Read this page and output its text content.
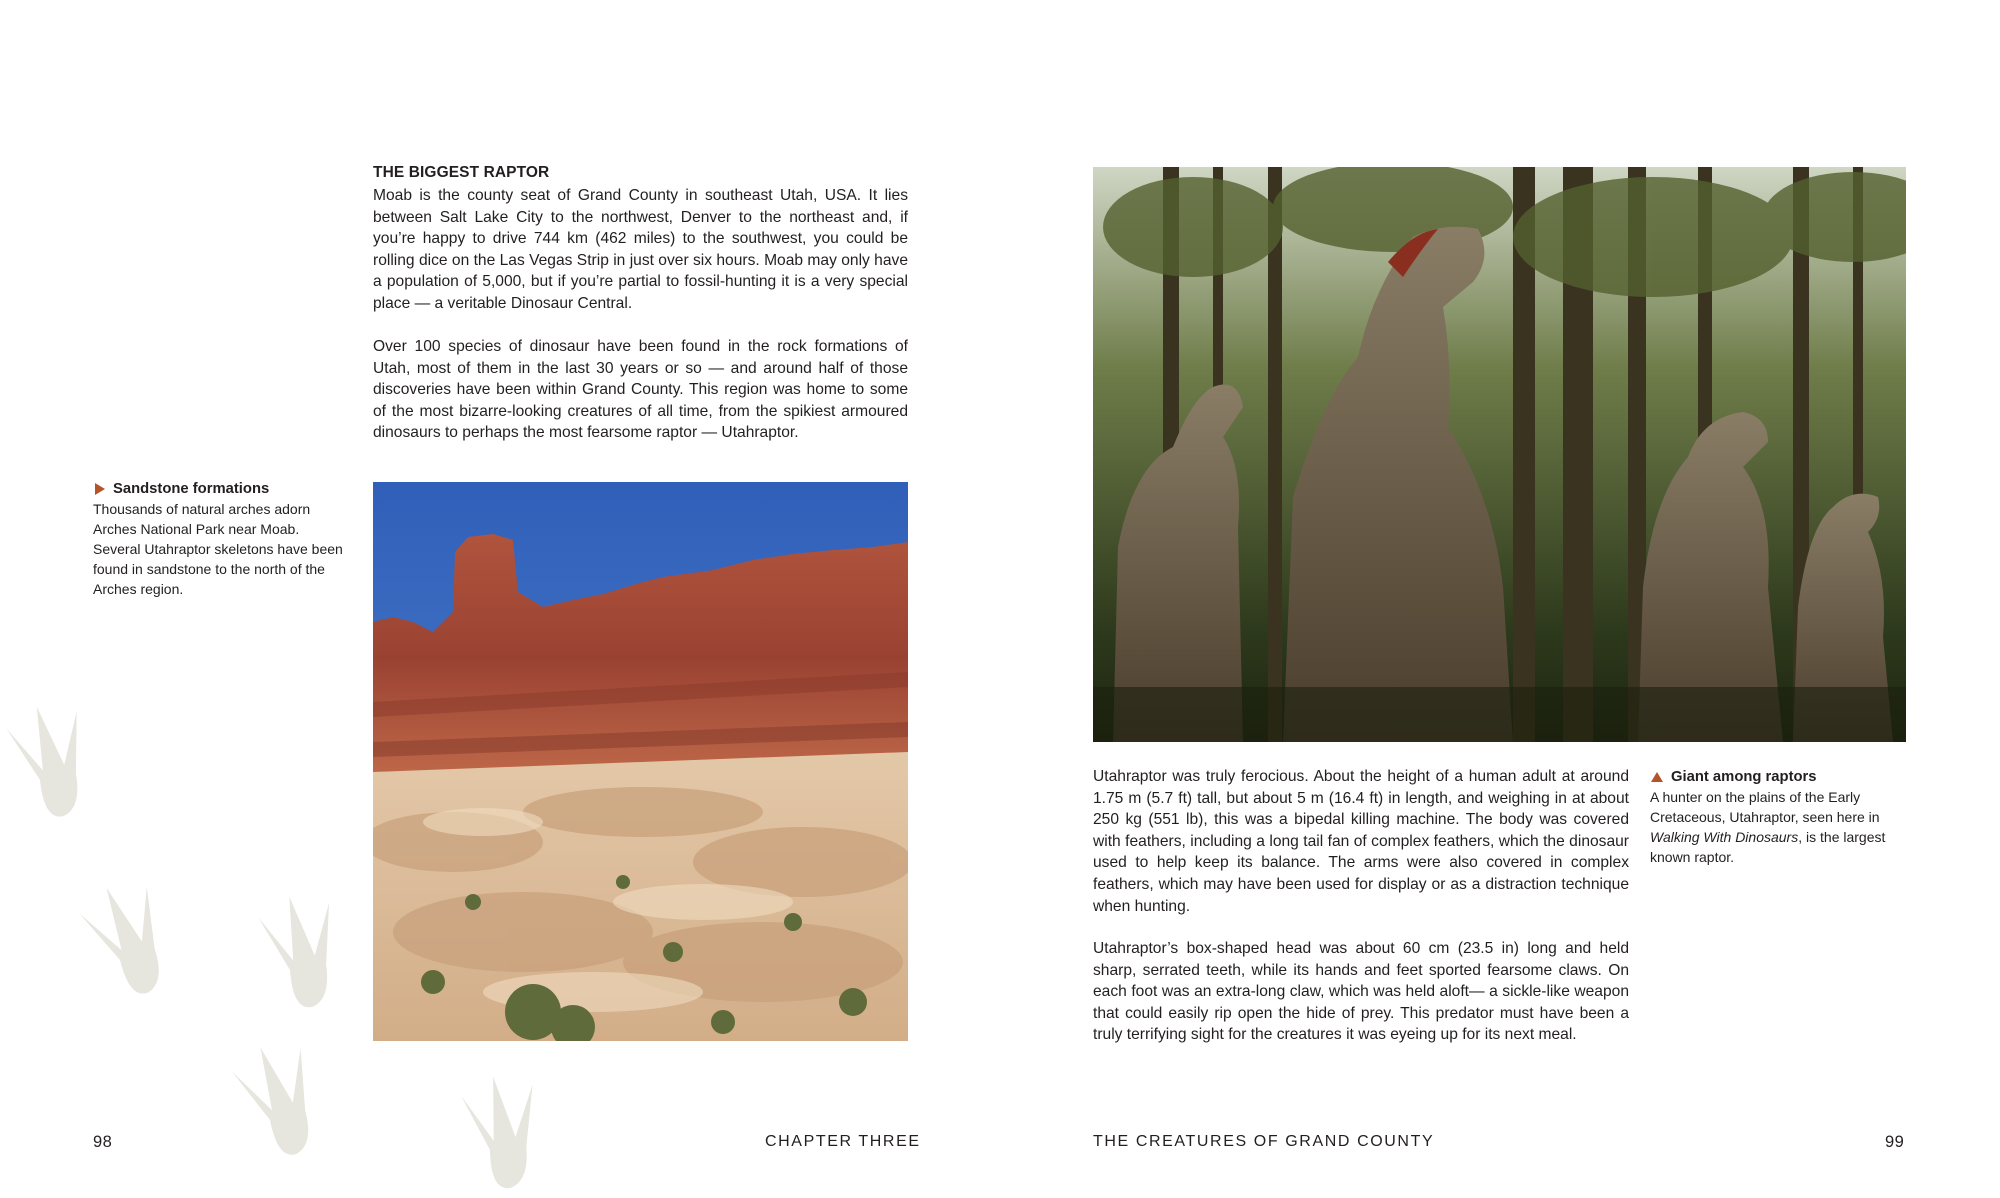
THE BIGGEST RAPTOR

Moab is the county seat of Grand County in southeast Utah, USA. It lies between Salt Lake City to the northwest, Denver to the northeast and, if you’re happy to drive 744 km (462 miles) to the southwest, you could be rolling dice on the Las Vegas Strip in just over six hours. Moab may only have a population of 5,000, but if you’re partial to fossil-hunting it is a very special place — a veritable Dinosaur Central.

Over 100 species of dinosaur have been found in the rock formations of Utah, most of them in the last 30 years or so — and around half of those discoveries have been within Grand County. This region was home to some of the most bizarre-looking creatures of all time, from the spikiest armoured dinosaurs to perhaps the most fearsome raptor — Utahraptor.

Sandstone formations

Thousands of natural arches adorn Arches National Park near Moab. Several Utahraptor skeletons have been found in sandstone to the north of the Arches region.

98	CHAPTER THREE

Utahraptor was truly ferocious. About the height of a human adult at around 1.75 m (5.7 ft) tall, but about 5 m (16.4 ft) in length, and weighing in at about 250 kg (551 lb), this was a bipedal killing machine. The body was covered with feathers, including a long tail fan of complex feathers, which the dinosaur used to help keep its balance. The arms were also covered in complex feathers, which may have been used for display or as a distraction technique when hunting.

Utahraptor’s box-shaped head was about 60 cm (23.5 in) long and held sharp, serrated teeth, while its hands and feet sported fearsome claws. On each foot was an extra-long claw, which was held aloft— a sickle-like weapon that could easily rip open the hide of prey. This predator must have been a truly terrifying sight for the creatures it was eyeing up for its next meal.

Giant among raptors

A hunter on the plains of the Early Cretaceous, Utahraptor, seen here in Walking With Dinosaurs, is the largest known raptor.

THE CREATURES OF GRAND COUNTY	99
